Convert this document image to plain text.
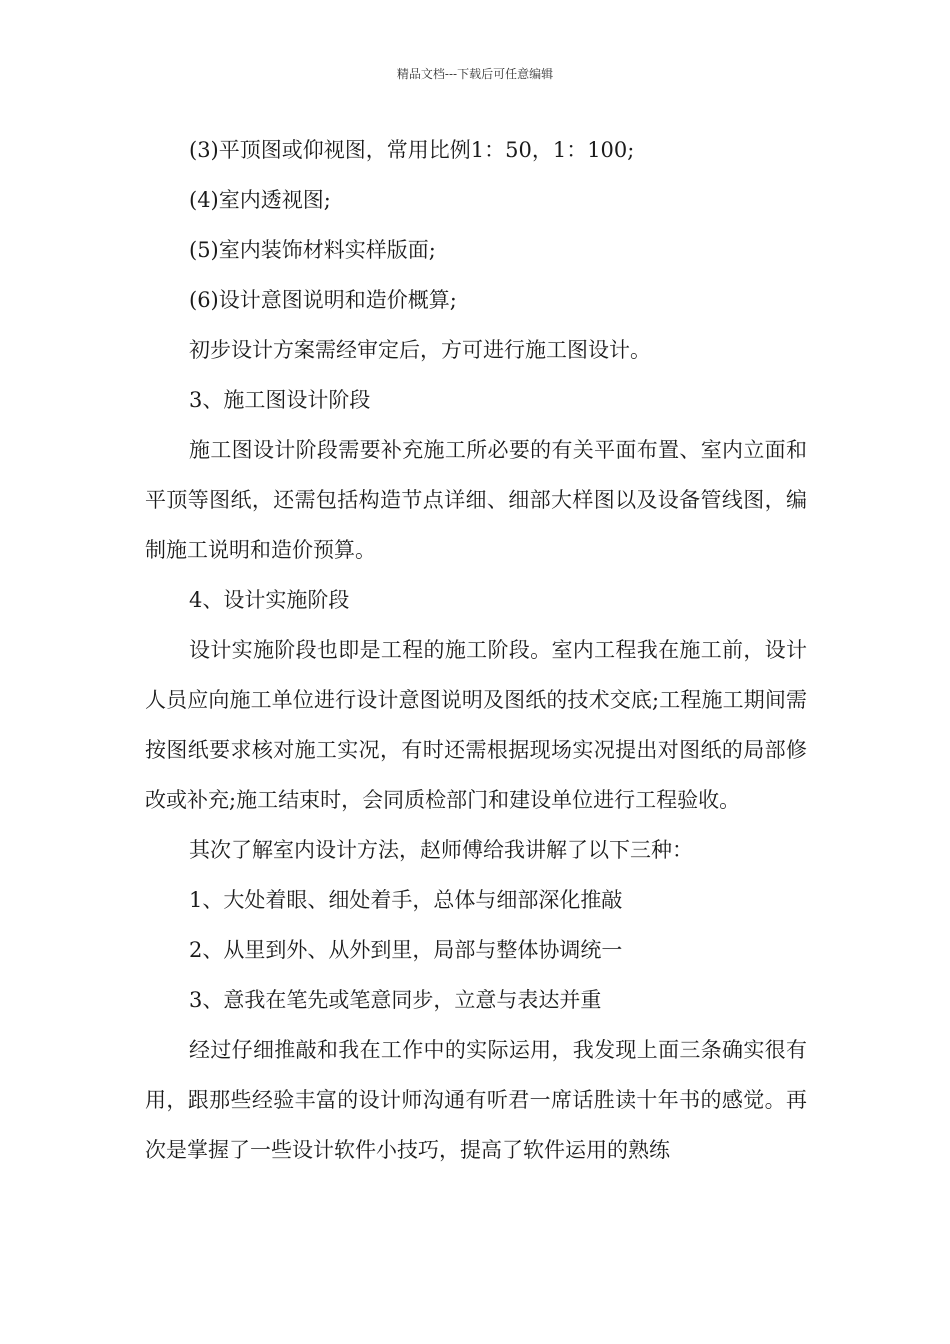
精品文档---下载后可任意编辑

(3)平顶图或仰视图，常用比例1：50，1：100;

(4)室内透视图;

(5)室内装饰材料实样版面;

(6)设计意图说明和造价概算;

初步设计方案需经审定后，方可进行施工图设计。

3、施工图设计阶段

施工图设计阶段需要补充施工所必要的有关平面布置、室内立面和平顶等图纸，还需包括构造节点详细、细部大样图以及设备管线图，编制施工说明和造价预算。

4、设计实施阶段

设计实施阶段也即是工程的施工阶段。室内工程我在施工前，设计人员应向施工单位进行设计意图说明及图纸的技术交底;工程施工期间需按图纸要求核对施工实况，有时还需根据现场实况提出对图纸的局部修改或补充;施工结束时，会同质检部门和建设单位进行工程验收。

其次了解室内设计方法，赵师傅给我讲解了以下三种：

1、大处着眼、细处着手，总体与细部深化推敲

2、从里到外、从外到里，局部与整体协调统一

3、意我在笔先或笔意同步，立意与表达并重

经过仔细推敲和我在工作中的实际运用，我发现上面三条确实很有用，跟那些经验丰富的设计师沟通有听君一席话胜读十年书的感觉。再次是掌握了一些设计软件小技巧，提高了软件运用的熟练
